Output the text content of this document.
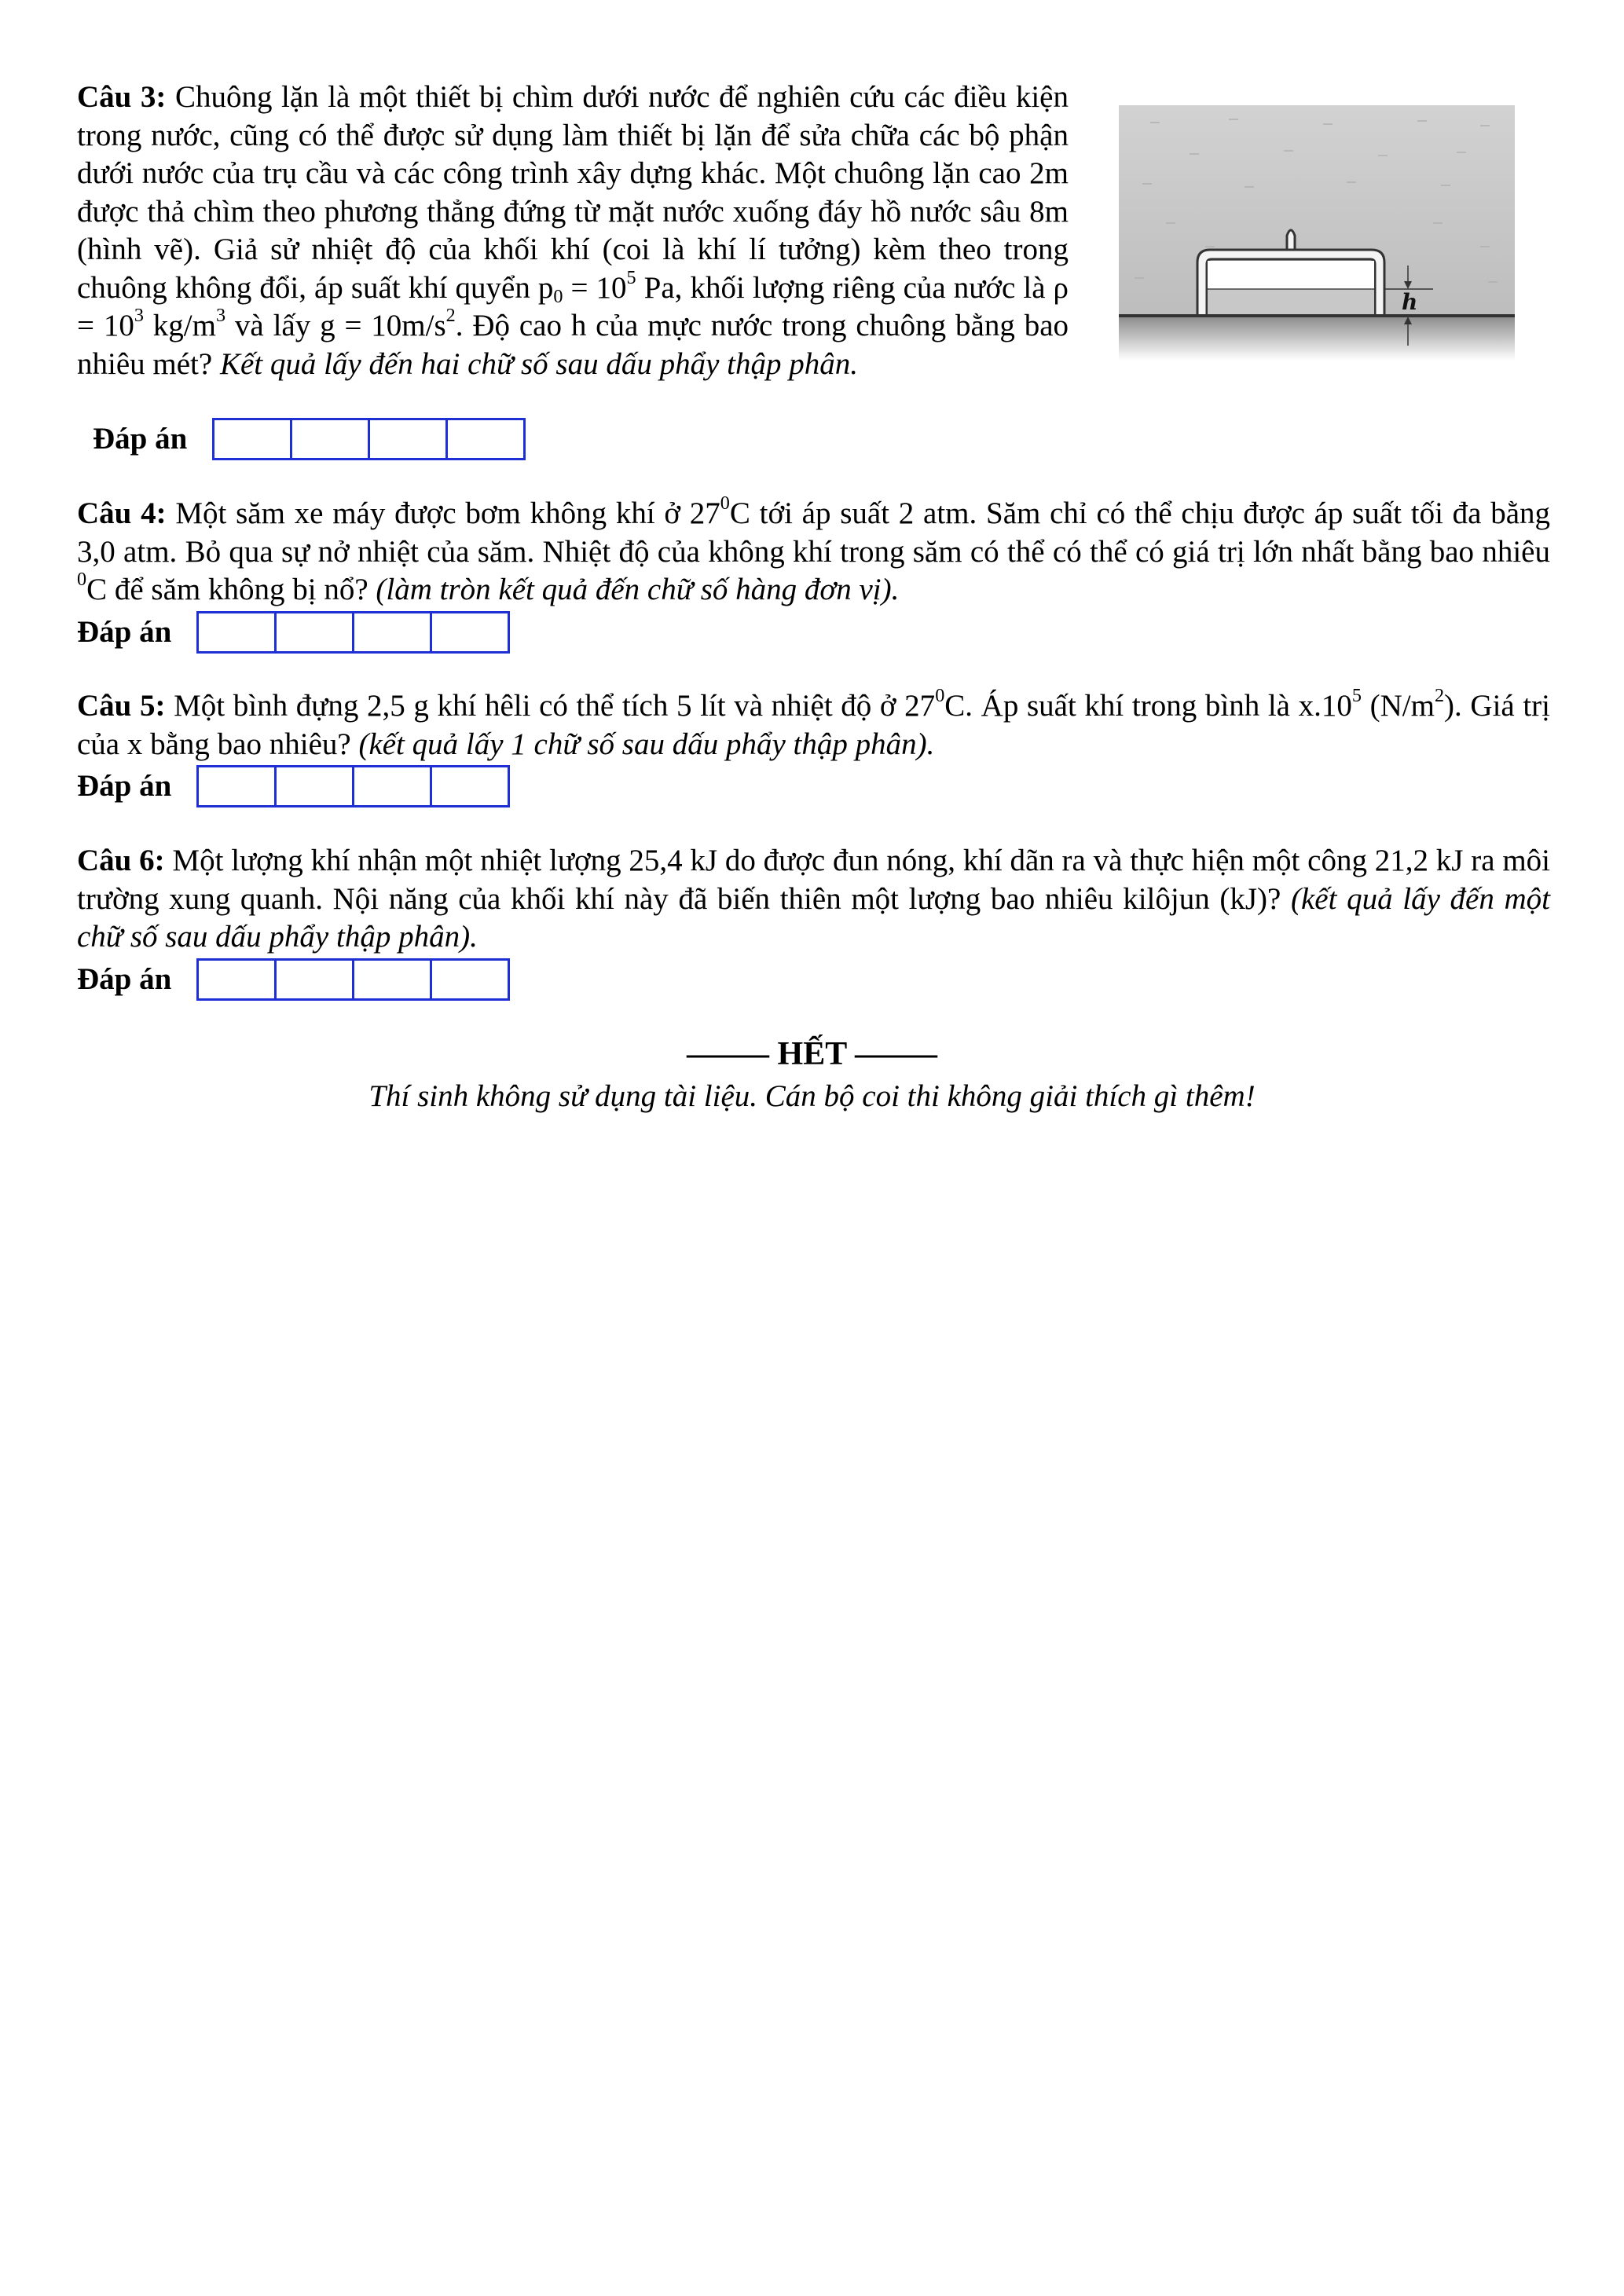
Câu 3: Chuông lặn là một thiết bị chìm dưới nước để nghiên cứu các điều kiện trong nước, cũng có thể được sử dụng làm thiết bị lặn để sửa chữa các bộ phận dưới nước của trụ cầu và các công trình xây dựng khác. Một chuông lặn cao 2m được thả chìm theo phương thẳng đứng từ mặt nước xuống đáy hồ nước sâu 8m (hình vẽ). Giả sử nhiệt độ của khối khí (coi là khí lí tưởng) kèm theo trong chuông không đổi, áp suất khí quyển $p_0 = 10^5$ Pa, khối lượng riêng của nước là $\rho = 10^3$ $kg/m^3$ và lấy $g = 10m/s^2$. Độ cao h của mực nước trong chuông bằng bao nhiêu mét? Kết quả lấy đến hai chữ số sau dấu phẩy thập phân.
h
Đáp án
Câu 4: Một săm xe máy được bơm không khí ở $27^0C$ tới áp suất 2 atm. Săm chỉ có thể chịu được áp suất tối đa bằng 3,0 atm. Bỏ qua sự nở nhiệt của săm. Nhiệt độ của không khí trong săm có thể có thể có giá trị lớn nhất bằng bao nhiêu $^0$C để săm không bị nổ? (làm tròn kết quả đến chữ số hàng đơn vị).
Đáp án
Câu 5: Một bình đựng 2,5 g khí hêli có thể tích 5 lít và nhiệt độ ở $27^0C$. Áp suất khí trong bình là $x.10^5$ $(N/m^2)$. Giá trị của x bằng bao nhiêu? (kết quả lấy 1 chữ số sau dấu phẩy thập phân).
Đáp án
Câu 6: Một lượng khí nhận một nhiệt lượng 25,4 kJ do được đun nóng, khí dãn ra và thực hiện một công 21,2 kJ ra môi trường xung quanh. Nội năng của khối khí này đã biến thiên một lượng bao nhiêu kilôjun (kJ)? (kết quả lấy đến một chữ số sau dấu phẩy thập phân).
Đáp án
––––– HẾT –––––
Thí sinh không sử dụng tài liệu. Cán bộ coi thi không giải thích gì thêm!
